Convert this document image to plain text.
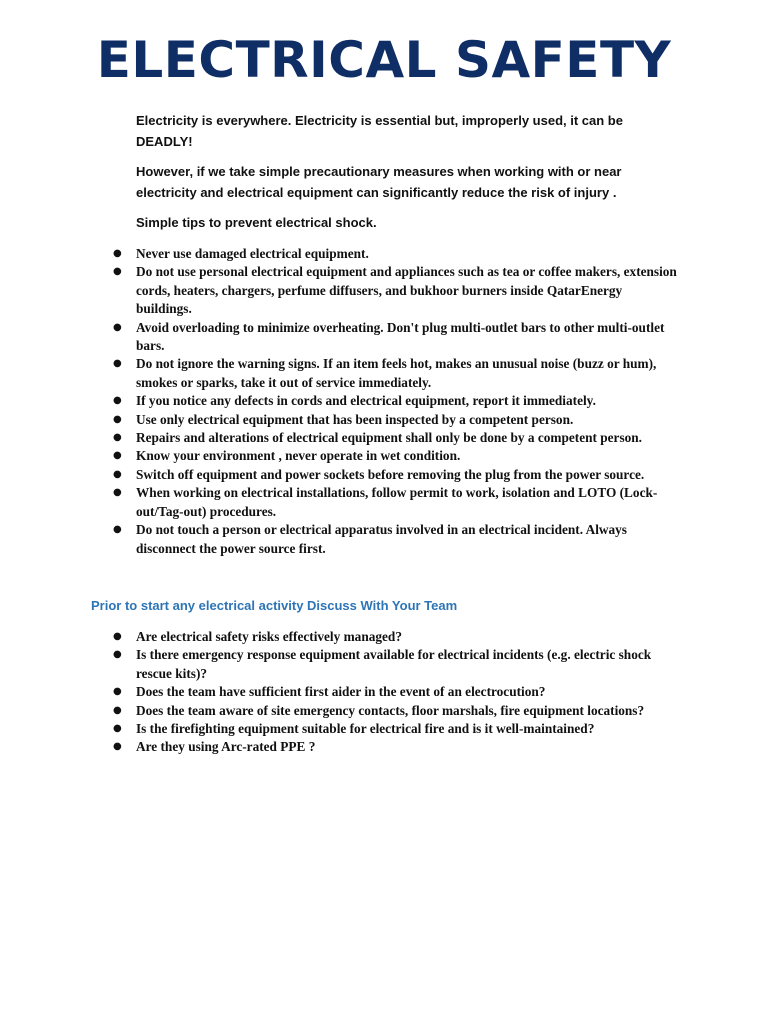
ELECTRICAL SAFETY

Electricity is everywhere. Electricity is essential but, improperly used, it can be DEADLY!

However, if we take simple precautionary measures when working with or near electricity and electrical equipment can significantly reduce the risk of injury .

Simple tips to prevent electrical shock.

● Never use damaged electrical equipment.
● Do not use personal electrical equipment and appliances such as tea or coffee makers, extension cords, heaters, chargers, perfume diffusers, and bukhoor burners inside QatarEnergy buildings.
● Avoid overloading to minimize overheating. Don't plug multi-outlet bars to other multi-outlet bars.
● Do not ignore the warning signs. If an item feels hot, makes an unusual noise (buzz or hum), smokes or sparks, take it out of service immediately.
● If you notice any defects in cords and electrical equipment, report it immediately.
● Use only electrical equipment that has been inspected by a competent person.
● Repairs and alterations of electrical equipment shall only be done by a competent person.
● Know your environment , never operate in wet condition.
● Switch off equipment and power sockets before removing the plug from the power source.
● When working on electrical installations, follow permit to work, isolation and LOTO (Lock-out/Tag-out) procedures.
● Do not touch a person or electrical apparatus involved in an electrical incident. Always disconnect the power source first.

Prior to start any electrical activity Discuss With Your Team

● Are electrical safety risks effectively managed?
● Is there emergency response equipment available for electrical incidents (e.g. electric shock rescue kits)?
● Does the team have sufficient first aider in the event of an electrocution?
● Does the team aware of site emergency contacts, floor marshals, fire equipment locations?
● Is the firefighting equipment suitable for electrical fire and is it well-maintained?
● Are they using Arc-rated PPE ?
